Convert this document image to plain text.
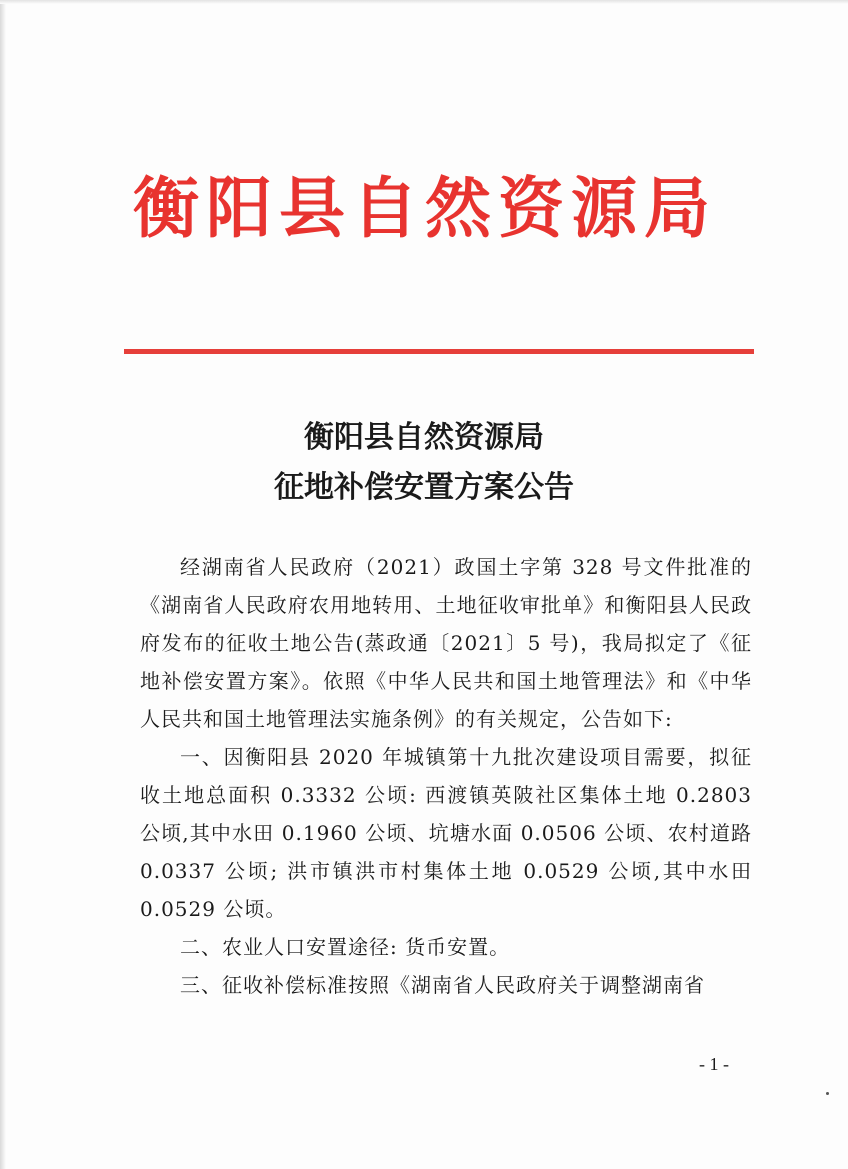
衡阳县自然资源局
衡阳县自然资源局
征地补偿安置方案公告

经湖南省人民政府（2021）政国土字第 328 号文件批准的《湖南省人民政府农用地转用、土地征收审批单》和衡阳县人民政府发布的征收土地公告(蒸政通〔2021〕5 号)，我局拟定了《征地补偿安置方案》。依照《中华人民共和国土地管理法》和《中华人民共和国土地管理法实施条例》的有关规定，公告如下:

一、因衡阳县 2020 年城镇第十九批次建设项目需要，拟征收土地总面积 0.3332 公顷: 西渡镇英陂社区集体土地 0.2803 公顷,其中水田 0.1960 公顷、坑塘水面 0.0506 公顷、农村道路 0.0337 公顷; 洪市镇洪市村集体土地 0.0529 公顷,其中水田 0.0529 公顷。

二、农业人口安置途径: 货币安置。

三、征收补偿标准按照《湖南省人民政府关于调整湖南省

- 1 -
